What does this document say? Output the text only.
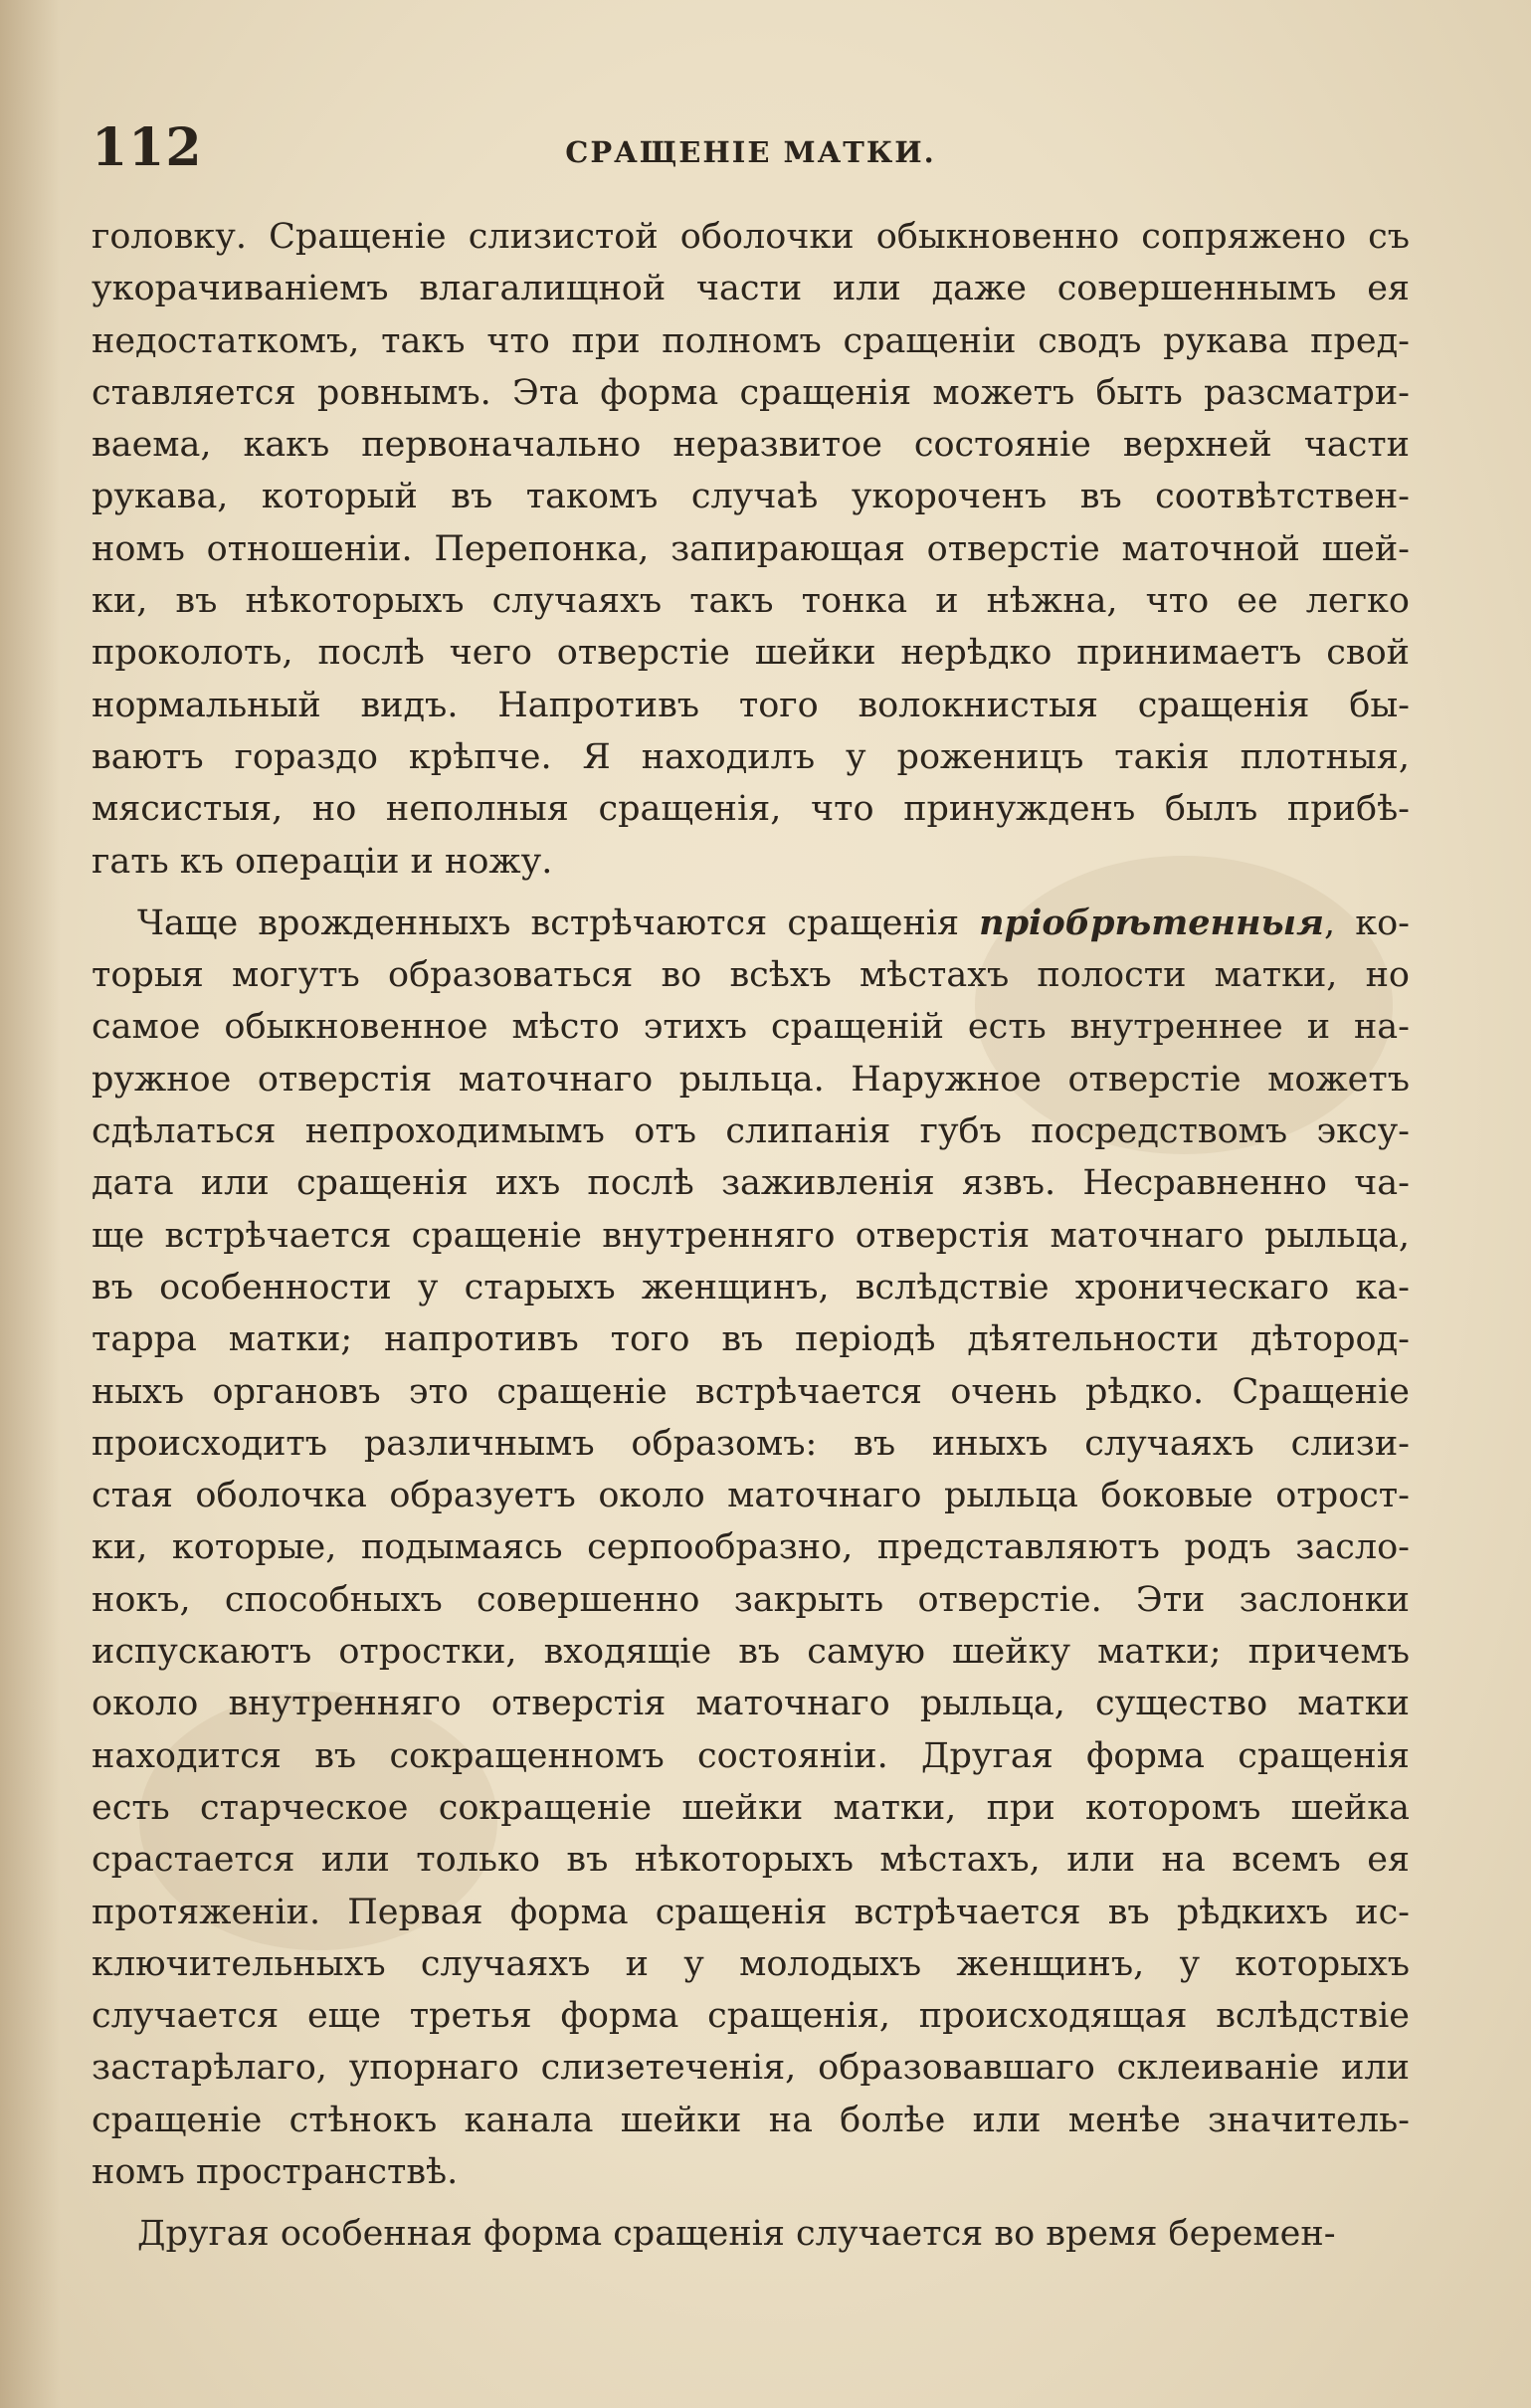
112	СРАЩЕНІЕ МАТКИ.
головку. Сращеніе слизистой оболочки обыкновенно сопряжено съ
укорачиваніемъ влагалищной части или даже совершеннымъ ея
недостаткомъ, такъ что при полномъ сращеніи сводъ рукава пред-
ставляется ровнымъ. Эта форма сращенія можетъ быть разсматри-
ваема, какъ первоначально неразвитое состояніе верхней части
рукава, который въ такомъ случаѣ укороченъ въ соотвѣтствен-
номъ отношеніи. Перепонка, запирающая отверстіе маточной шей-
ки, въ нѣкоторыхъ случаяхъ такъ тонка и нѣжна, что ее легко
проколоть, послѣ чего отверстіе шейки нерѣдко принимаетъ свой
нормальный видъ. Напротивъ того волокнистыя сращенія бы-
ваютъ гораздо крѣпче. Я находилъ у роженицъ такія плотныя,
мясистыя, но неполныя сращенія, что принужденъ былъ прибѣ-
гать къ операціи и ножу.
Чаще врожденныхъ встрѣчаются сращенія пріобрѣтенныя, ко-
торыя могутъ образоваться во всѣхъ мѣстахъ полости матки, но
самое обыкновенное мѣсто этихъ сращеній есть внутреннее и на-
ружное отверстія маточнаго рыльца. Наружное отверстіе можетъ
сдѣлаться непроходимымъ отъ слипанія губъ посредствомъ эксу-
дата или сращенія ихъ послѣ заживленія язвъ. Несравненно ча-
ще встрѣчается сращеніе внутренняго отверстія маточнаго рыльца,
въ особенности у старыхъ женщинъ, вслѣдствіе хроническаго ка-
тарра матки; напротивъ того въ періодѣ дѣятельности дѣтород-
ныхъ органовъ это сращеніе встрѣчается очень рѣдко. Сращеніе
происходитъ различнымъ образомъ: въ иныхъ случаяхъ слизи-
стая оболочка образуетъ около маточнаго рыльца боковые отрост-
ки, которые, подымаясь серпообразно, представляютъ родъ засло-
нокъ, способныхъ совершенно закрыть отверстіе. Эти заслонки
испускаютъ отростки, входящіе въ самую шейку матки; причемъ
около внутренняго отверстія маточнаго рыльца, существо матки
находится въ сокращенномъ состояніи. Другая форма сращенія
есть старческое сокращеніе шейки матки, при которомъ шейка
срастается или только въ нѣкоторыхъ мѣстахъ, или на всемъ ея
протяженіи. Первая форма сращенія встрѣчается въ рѣдкихъ ис-
ключительныхъ случаяхъ и у молодыхъ женщинъ, у которыхъ
случается еще третья форма сращенія, происходящая вслѣдствіе
застарѣлаго, упорнаго слизетеченія, образовавшаго склеиваніе или
сращеніе стѣнокъ канала шейки на болѣе или менѣе значитель-
номъ пространствѣ.
Другая особенная форма сращенія случается во время беремен-
